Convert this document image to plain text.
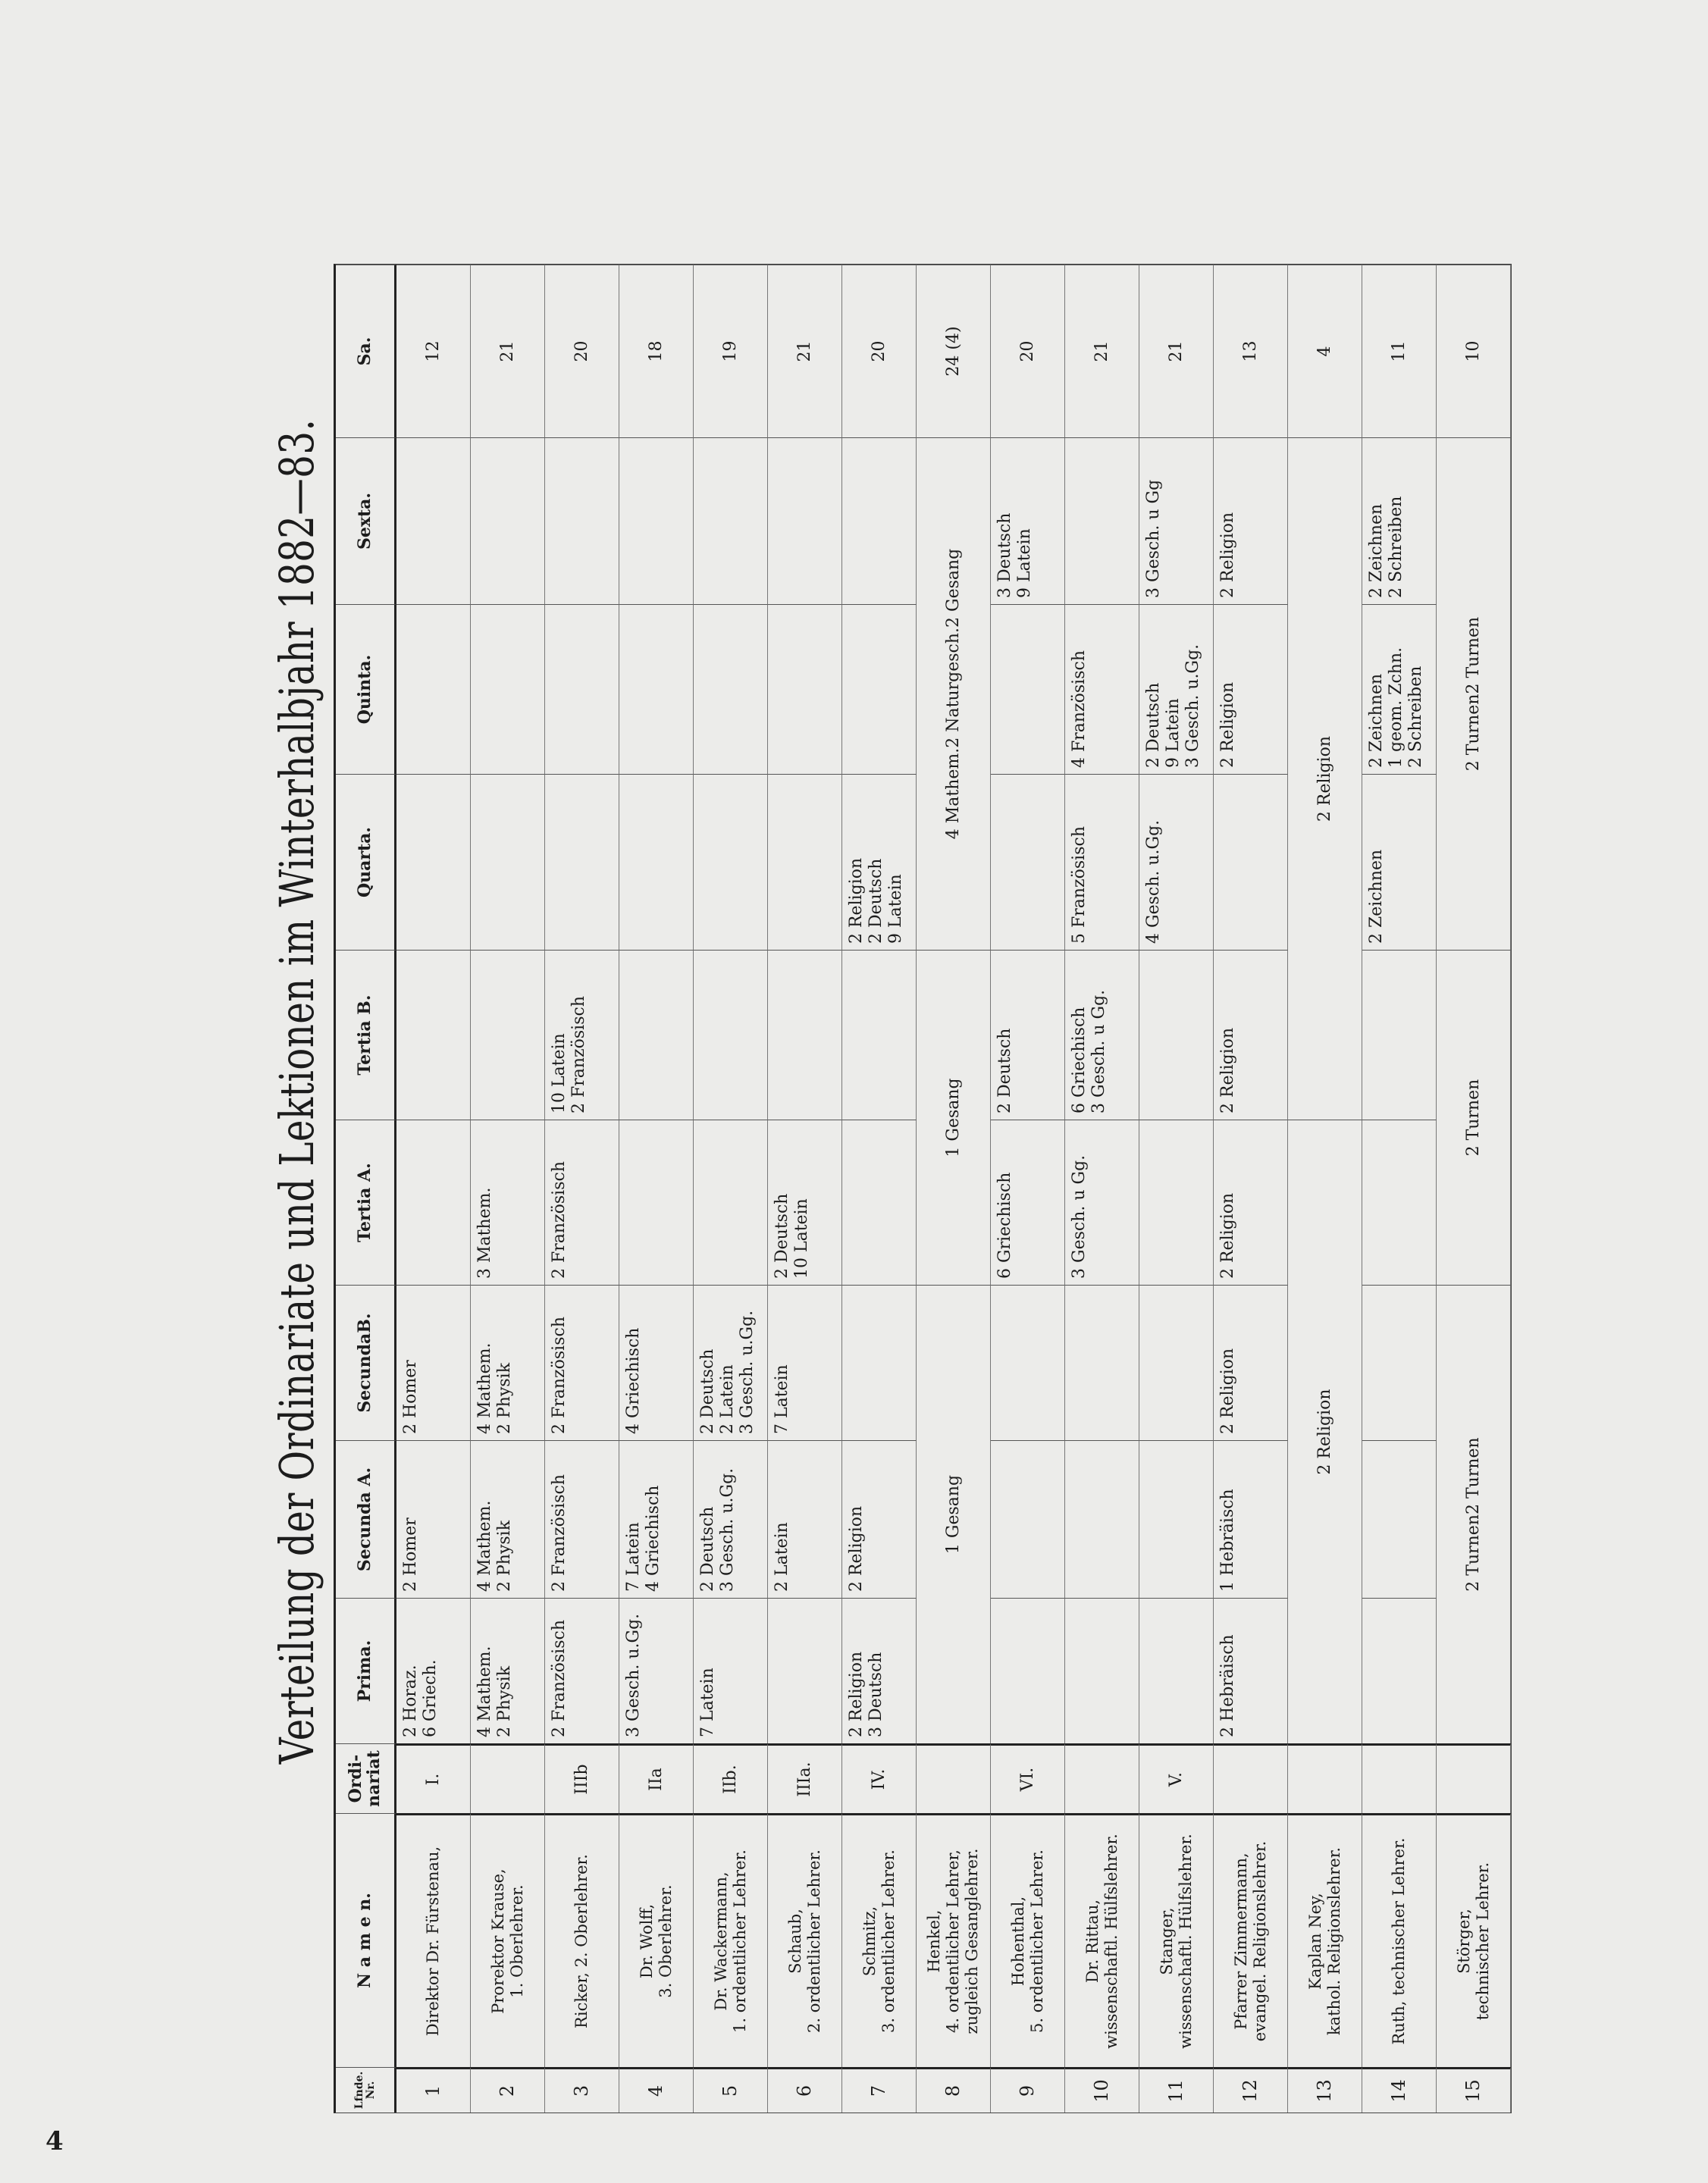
Verteilung der Ordinariate und Lektionen im Winterhalbjahr 1882—83.
Lfnde. Nr.
N a m e n.
Ordi-nariat
Prima.
Secunda A.
SecundaB.
Tertia A.
Tertia B.
Quarta.
Quinta.
Sexta.
Sa.
1
Direktor Dr. Fürstenau,
I.
2 Horaz. 6 Griech.
2 Homer
2 Homer
12
2
Prorektor Krause, 1. Oberlehrer.
4 Mathem. 2 Physik
4 Mathem. 2 Physik
4 Mathem. 2 Physik
3 Mathem.
21
3
Ricker, 2. Oberlehrer.
IIIb
2 Französisch
2 Französisch
2 Französisch
2 Französisch
10 Latein 2 Französisch
20
4
Dr. Wolff, 3. Oberlehrer.
IIa
3 Gesch. u.Gg.
7 Latein 4 Griechisch
4 Griechisch
18
5
Dr. Wackermann, 1. ordentlicher Lehrer.
IIb.
7 Latein
2 Deutsch 3 Gesch. u.Gg.
2 Deutsch 2 Latein 3 Gesch. u.Gg.
19
6
Schaub, 2. ordentlicher Lehrer.
IIIa.
2 Latein
7 Latein
2 Deutsch 10 Latein
21
7
Schmitz, 3. ordentlicher Lehrer.
IV.
2 Religion 3 Deutsch
2 Religion
2 Religion 2 Deutsch 9 Latein
20
8
Henkel, 4. ordentlicher Lehrer, zugleich Gesanglehrer.
1 Gesang
1 Gesang
4 Mathem.
2 Naturgesch.
2 Gesang
24 (4)
9
Hohenthal, 5. ordentlicher Lehrer.
VI.
6 Griechisch
2 Deutsch
3 Deutsch 9 Latein
20
10
Dr. Rittau, wissenschaftl. Hülfslehrer.
3 Gesch. u Gg.
6 Griechisch 3 Gesch. u Gg.
5 Französisch
4 Französisch
21
11
Stanger, wissenschaftl. Hülfslehrer.
V.
4 Gesch. u.Gg.
2 Deutsch 9 Latein 3 Gesch. u.Gg.
3 Gesch. u Gg
21
12
Pfarrer Zimmermann, evangel. Religionslehrer.
2 Hebräisch
1 Hebräisch
2 Religion
2 Religion
2 Religion
2 Religion
2 Religion
13
13
Kaplan Ney, kathol. Religionslehrer.
2 Religion
2 Religion
4
14
Ruth, technischer Lehrer.
2 Zeichnen
2 Zeichnen 1 geom. Zchn. 2 Schreiben
2 Zeichnen 2 Schreiben
11
15
Störger, technischer Lehrer.
2 Turnen
2 Turnen
2 Turnen
2 Turnen
2 Turnen
10
4
